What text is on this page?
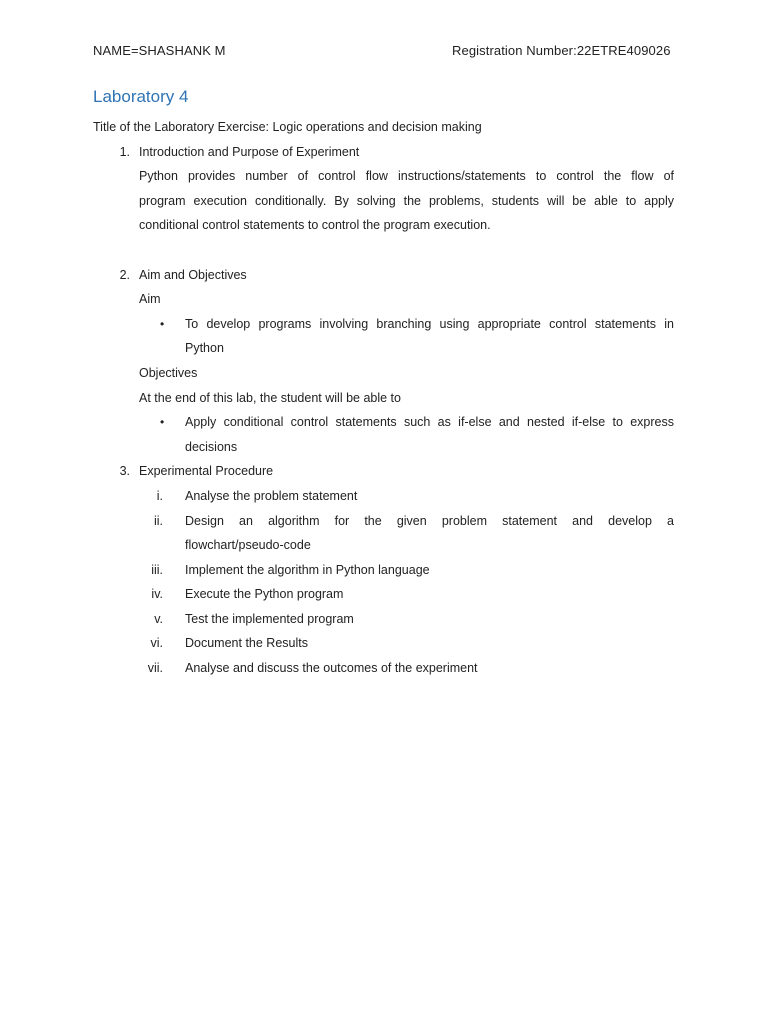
NAME=SHASHANK M	Registration Number:22ETRE409026
Laboratory 4
Title of the Laboratory Exercise: Logic operations and decision making
1. Introduction and Purpose of Experiment
Python provides number of control flow instructions/statements to control the flow of
program execution conditionally. By solving the problems, students will be able to apply
conditional control statements to control the program execution.
2. Aim and Objectives
Aim
• To develop programs involving branching using appropriate control statements in
Python
Objectives
At the end of this lab, the student will be able to
• Apply conditional control statements such as if-else and nested if-else to express
decisions
3. Experimental Procedure
i. Analyse the problem statement
ii. Design an algorithm for the given problem statement and develop a
flowchart/pseudo-code
iii. Implement the algorithm in Python language
iv. Execute the Python program
v. Test the implemented program
vi. Document the Results
vii. Analyse and discuss the outcomes of the experiment
